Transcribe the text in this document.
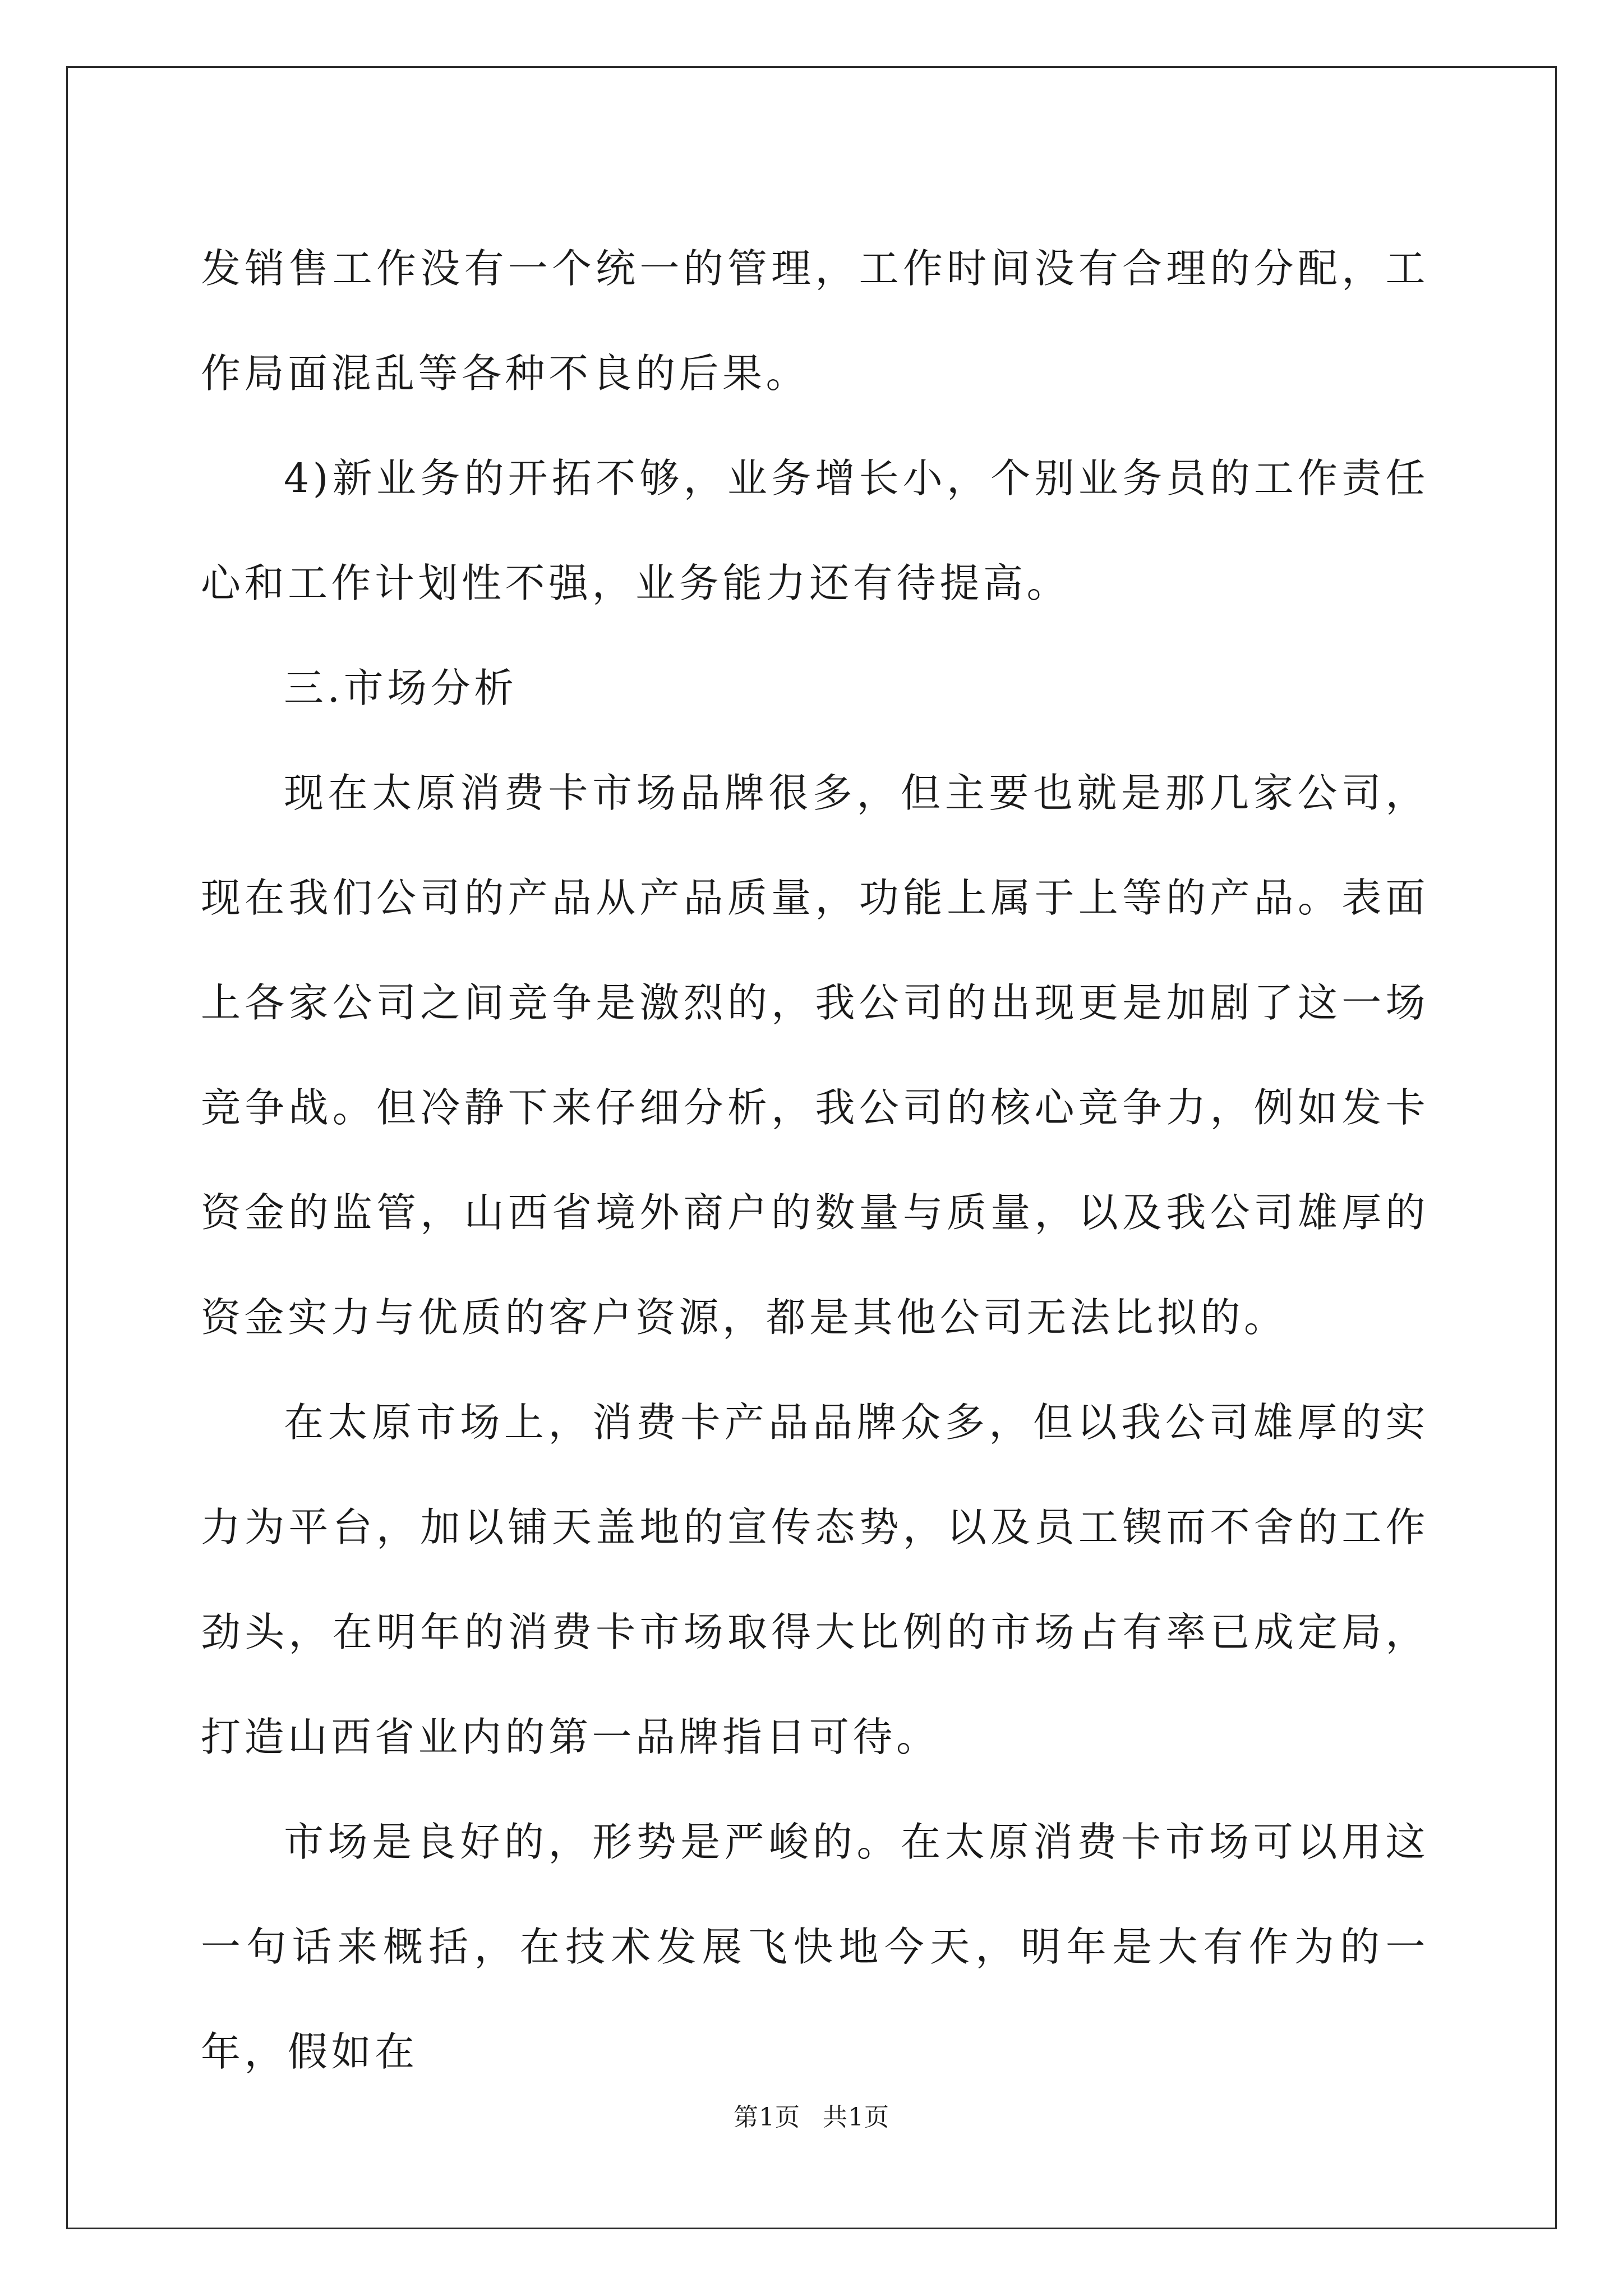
发销售工作没有一个统一的管理，工作时间没有合理的分配，工作局面混乱等各种不良的后果。

4)新业务的开拓不够，业务增长小，个别业务员的工作责任心和工作计划性不强，业务能力还有待提高。

三.市场分析

现在太原消费卡市场品牌很多，但主要也就是那几家公司，现在我们公司的产品从产品质量，功能上属于上等的产品。表面上各家公司之间竞争是激烈的，我公司的出现更是加剧了这一场竞争战。但冷静下来仔细分析，我公司的核心竞争力，例如发卡资金的监管，山西省境外商户的数量与质量，以及我公司雄厚的资金实力与优质的客户资源，都是其他公司无法比拟的。

在太原市场上，消费卡产品品牌众多，但以我公司雄厚的实力为平台，加以铺天盖地的宣传态势，以及员工锲而不舍的工作劲头，在明年的消费卡市场取得大比例的市场占有率已成定局，打造山西省业内的第一品牌指日可待。

市场是良好的，形势是严峻的。在太原消费卡市场可以用这一句话来概括，在技术发展飞快地今天，明年是大有作为的一年，假如在

第1页 共1页
